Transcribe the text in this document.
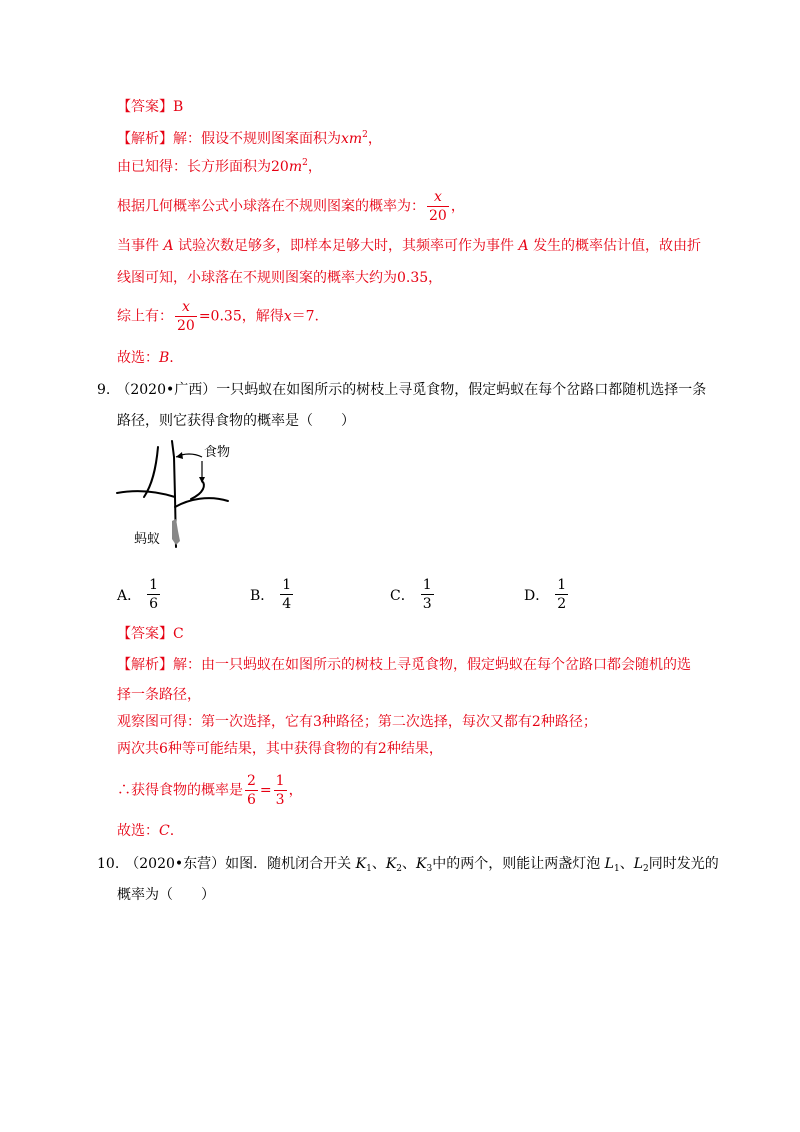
【答案】B
【解析】解：假设不规则图案面积为$xm^2$，
由已知得：长方形面积为$20m^2$，
根据几何概率公式小球落在不规则图案的概率为： $\frac{x}{20}$ ，
当事件 A 试验次数足够多，即样本足够大时，其频率可作为事件 A 发生的概率估计值，故由折
线图可知，小球落在不规则图案的概率大约为0.35，
综上有： $\frac{x}{20} =0.35$，解得x＝7.
故选：B.
9. （2020•广西）一只蚂蚁在如图所示的树枝上寻觅食物，假定蚂蚁在每个岔路口都随机选择一条
路径，则它获得食物的概率是（　　）
食物
蚂蚁
A． $\frac{1}{6}$	B． $\frac{1}{4}$	C． $\frac{1}{3}$	D． $\frac{1}{2}$
【答案】C
【解析】解：由一只蚂蚁在如图所示的树枝上寻觅食物，假定蚂蚁在每个岔路口都会随机的选
择一条路径，
观察图可得：第一次选择，它有3种路径；第二次选择，每次又都有2种路径；
两次共6种等可能结果，其中获得食物的有2种结果，
∴获得食物的概率是 $\frac{2}{6} = \frac{1}{3}$ ，
故选：C.
10. （2020•东营）如图．随机闭合开关 $K_1$、$K_2$、$K_3$中的两个，则能让两盏灯泡 $L_1$、$L_2$同时发光的
概率为（　　）
